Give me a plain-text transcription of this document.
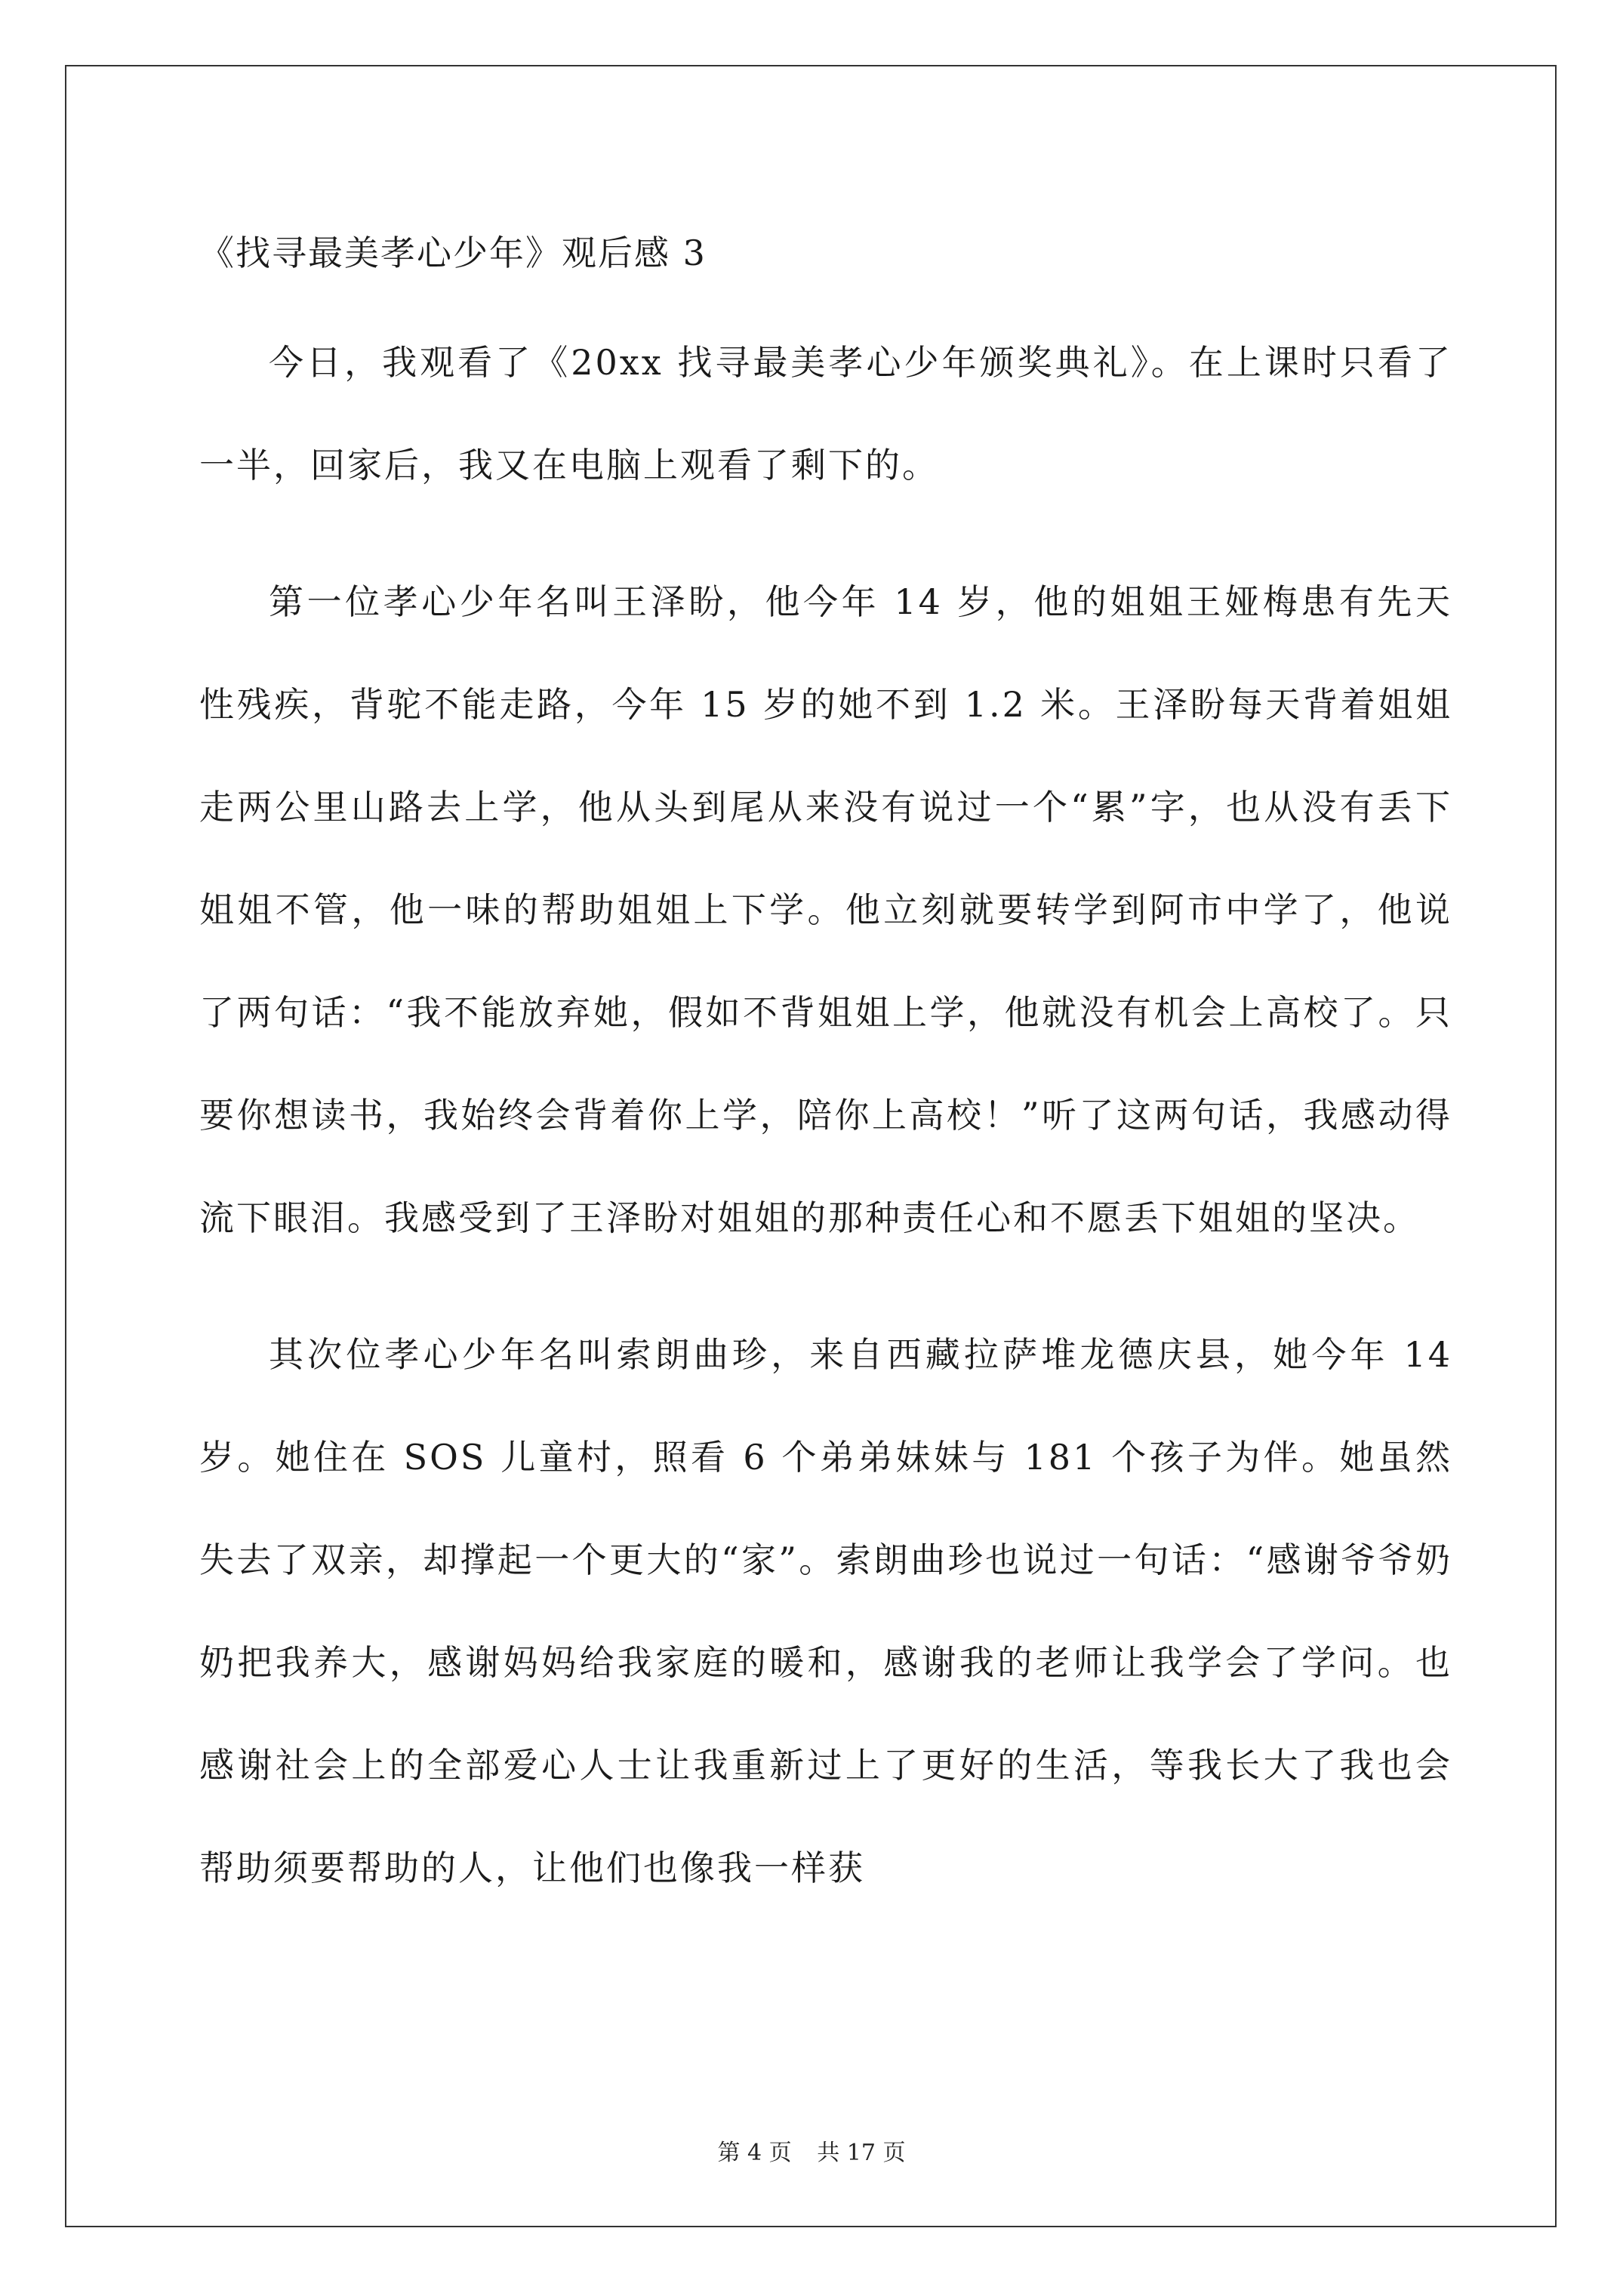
《找寻最美孝心少年》观后感 3

今日，我观看了《20xx 找寻最美孝心少年颁奖典礼》。在上课时只看了一半，回家后，我又在电脑上观看了剩下的。

第一位孝心少年名叫王泽盼，他今年 14 岁，他的姐姐王娅梅患有先天性残疾，背驼不能走路，今年 15 岁的她不到 1.2 米。王泽盼每天背着姐姐走两公里山路去上学，他从头到尾从来没有说过一个“累”字，也从没有丢下姐姐不管，他一味的帮助姐姐上下学。他立刻就要转学到阿市中学了，他说了两句话：“我不能放弃她，假如不背姐姐上学，他就没有机会上高校了。只要你想读书，我始终会背着你上学，陪你上高校！”听了这两句话，我感动得流下眼泪。我感受到了王泽盼对姐姐的那种责任心和不愿丢下姐姐的坚决。

其次位孝心少年名叫索朗曲珍，来自西藏拉萨堆龙德庆县，她今年 14 岁。她住在 SOS 儿童村，照看 6 个弟弟妹妹与 181 个孩子为伴。她虽然失去了双亲，却撑起一个更大的“家”。索朗曲珍也说过一句话：“感谢爷爷奶奶把我养大，感谢妈妈给我家庭的暖和，感谢我的老师让我学会了学问。也感谢社会上的全部爱心人士让我重新过上了更好的生活，等我长大了我也会帮助须要帮助的人，让他们也像我一样获

第 4 页 共 17 页
